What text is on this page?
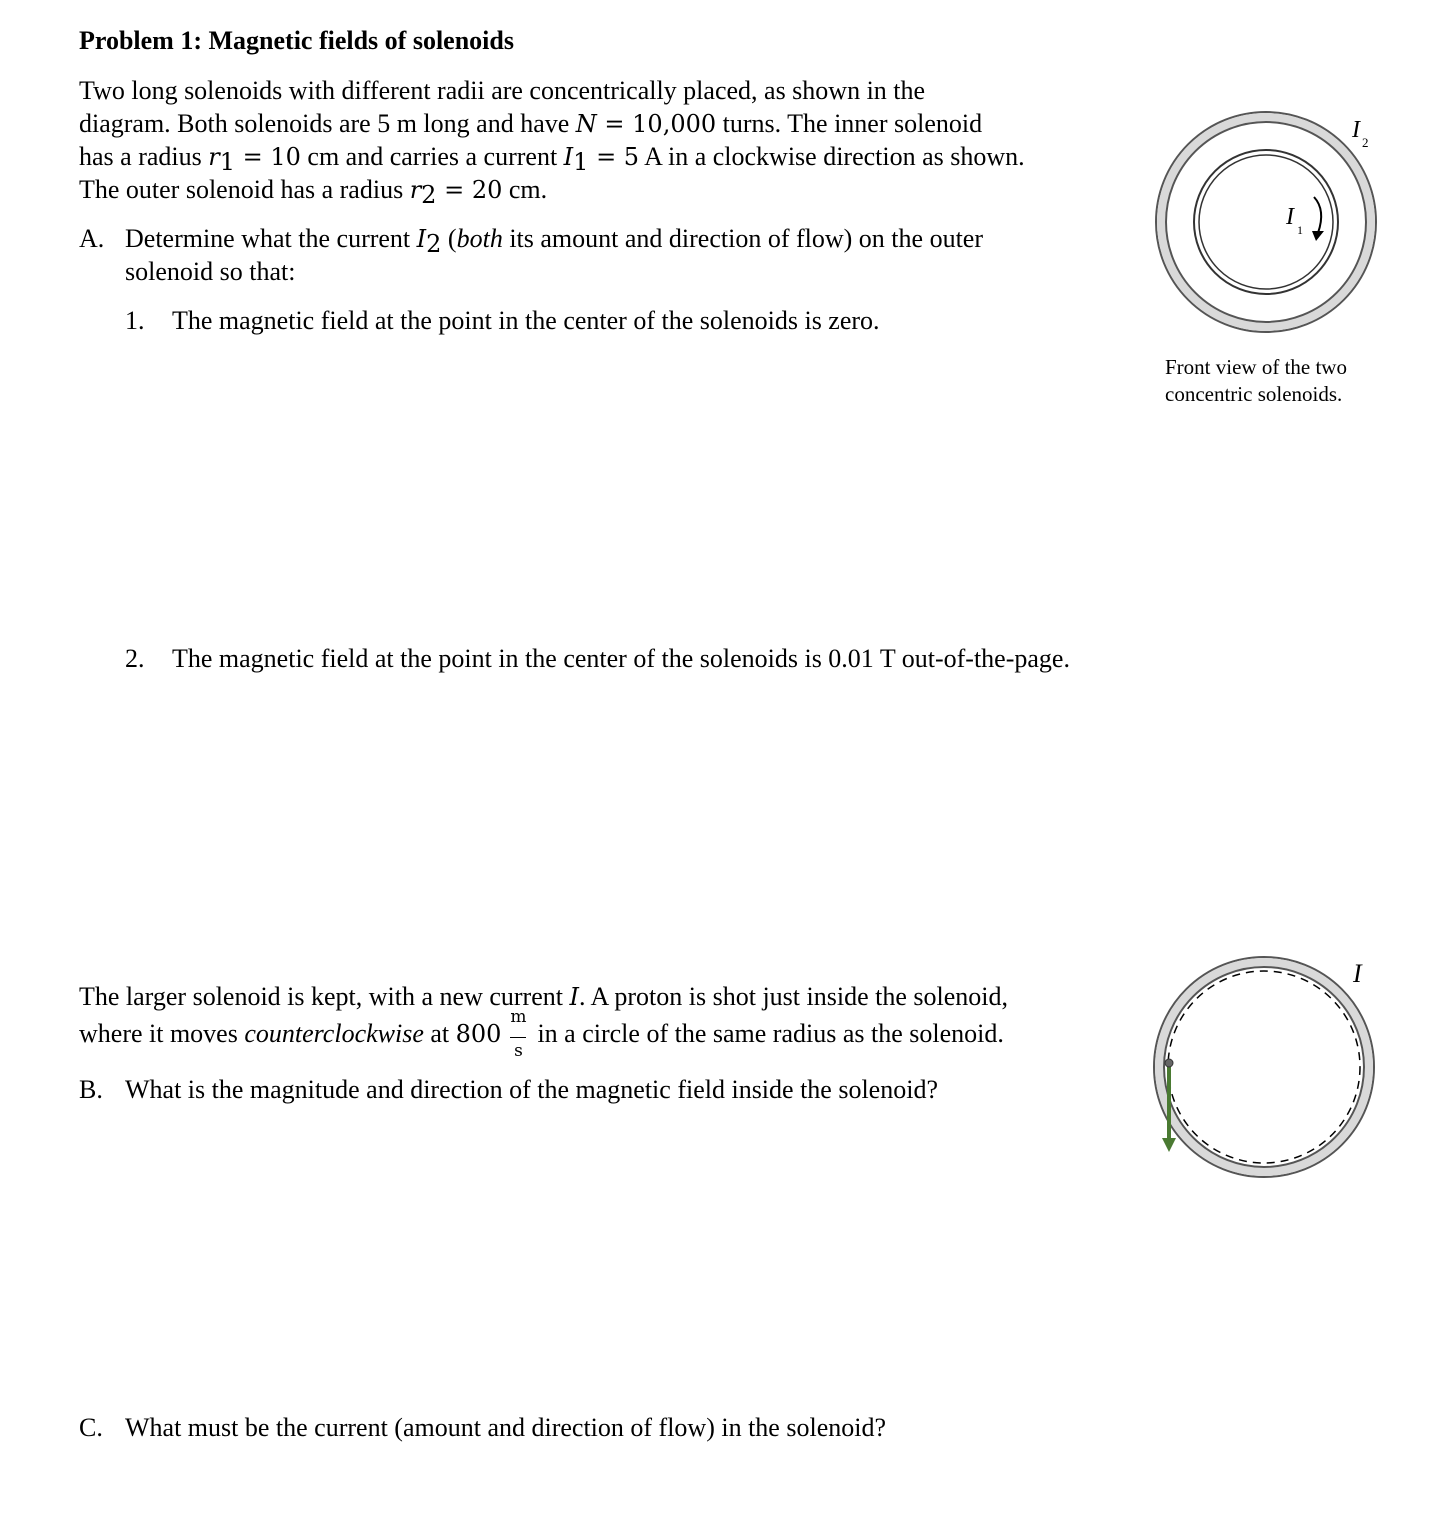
Problem 1: Magnetic fields of solenoids
Two long solenoids with different radii are concentrically placed, as shown in the
diagram. Both solenoids are 5 m long and have N = 10,000 turns. The inner solenoid
has a radius $r_1 = 10$ cm and carries a current $I_1 = 5$ A in a clockwise direction as shown.
The outer solenoid has a radius $r_2 = 20$ cm.
A. Determine what the current $I_2$ (both its amount and direction of flow) on the outer
solenoid so that:
1. The magnetic field at the point in the center of the solenoids is zero.
2. The magnetic field at the point in the center of the solenoids is 0.01 T out-of-the-page.
I 1
I 2
Front view of the two
concentric solenoids.
The larger solenoid is kept, with a new current I. A proton is shot just inside the solenoid,
where it moves counterclockwise at $800 \frac{m}{s}$ in a circle of the same radius as the solenoid.
I
B. What is the magnitude and direction of the magnetic field inside the solenoid?
C. What must be the current (amount and direction of flow) in the solenoid?
